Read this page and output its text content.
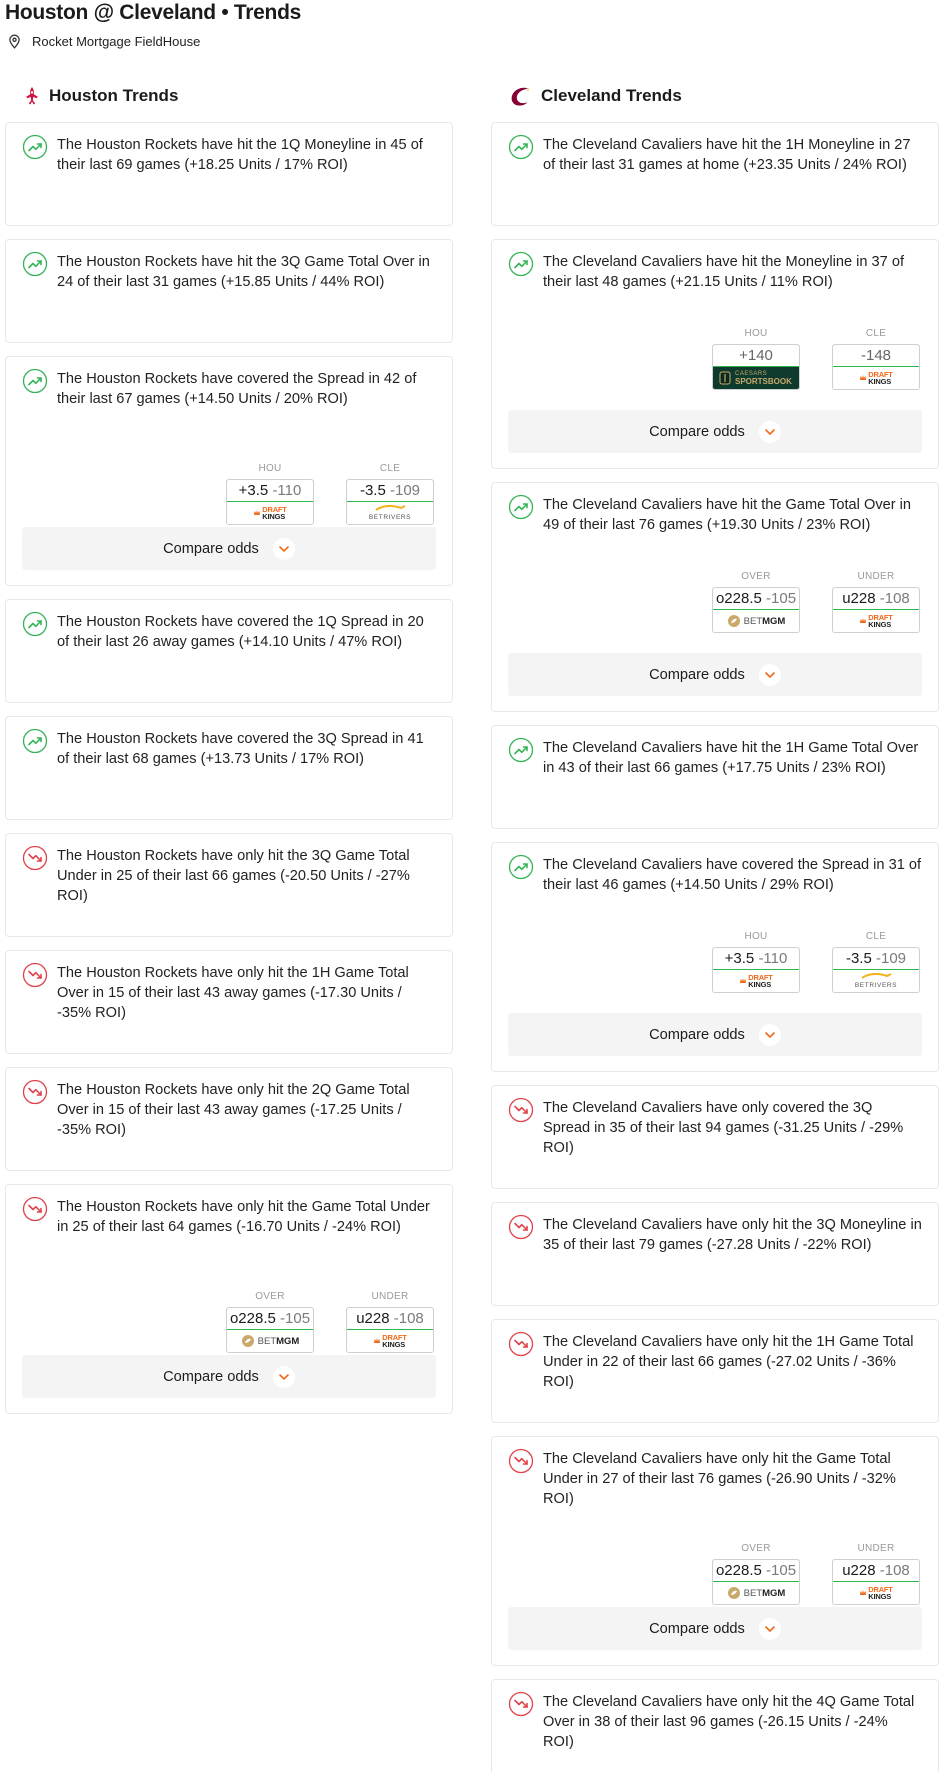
Houston @ Cleveland • Trends
Rocket Mortgage FieldHouse
Houston Trends
The Houston Rockets have hit the 1Q Moneyline in 45 of their last 69 games (+18.25 Units / 17% ROI)
The Houston Rockets have hit the 3Q Game Total Over in 24 of their last 31 games (+15.85 Units / 44% ROI)
The Houston Rockets have covered the Spread in 42 of their last 67 games (+14.50 Units / 20% ROI)
HOU
+3.5 -110
DRAFT
KINGS
CLE
-3.5 -109
BETRIVERS
Compare odds
The Houston Rockets have covered the 1Q Spread in 20 of their last 26 away games (+14.10 Units / 47% ROI)
The Houston Rockets have covered the 3Q Spread in 41 of their last 68 games (+13.73 Units / 17% ROI)
The Houston Rockets have only hit the 3Q Game Total Under in 25 of their last 66 games (-20.50 Units / -27% ROI)
The Houston Rockets have only hit the 1H Game Total Over in 15 of their last 43 away games (-17.30 Units / -35% ROI)
The Houston Rockets have only hit the 2Q Game Total Over in 15 of their last 43 away games (-17.25 Units / -35% ROI)
The Houston Rockets have only hit the Game Total Under in 25 of their last 64 games (-16.70 Units / -24% ROI)
OVER
o228.5 -105
BET MGM
UNDER
u228 -108
DRAFT
KINGS
Compare odds
Cleveland Trends
The Cleveland Cavaliers have hit the 1H Moneyline in 27 of their last 31 games at home (+23.35 Units / 24% ROI)
The Cleveland Cavaliers have hit the Moneyline in 37 of their last 48 games (+21.15 Units / 11% ROI)
HOU
+140
CAESARS
SPORTSBOOK
CLE
-148
DRAFT
KINGS
Compare odds
The Cleveland Cavaliers have hit the Game Total Over in 49 of their last 76 games (+19.30 Units / 23% ROI)
OVER
o228.5 -105
BET MGM
UNDER
u228 -108
DRAFT
KINGS
Compare odds
The Cleveland Cavaliers have hit the 1H Game Total Over in 43 of their last 66 games (+17.75 Units / 23% ROI)
The Cleveland Cavaliers have covered the Spread in 31 of their last 46 games (+14.50 Units / 29% ROI)
HOU
+3.5 -110
DRAFT
KINGS
CLE
-3.5 -109
BETRIVERS
Compare odds
The Cleveland Cavaliers have only covered the 3Q Spread in 35 of their last 94 games (-31.25 Units / -29% ROI)
The Cleveland Cavaliers have only hit the 3Q Moneyline in 35 of their last 79 games (-27.28 Units / -22% ROI)
The Cleveland Cavaliers have only hit the 1H Game Total Under in 22 of their last 66 games (-27.02 Units / -36% ROI)
The Cleveland Cavaliers have only hit the Game Total Under in 27 of their last 76 games (-26.90 Units / -32% ROI)
OVER
o228.5 -105
BET MGM
UNDER
u228 -108
DRAFT
KINGS
Compare odds
The Cleveland Cavaliers have only hit the 4Q Game Total Over in 38 of their last 96 games (-26.15 Units / -24% ROI)
